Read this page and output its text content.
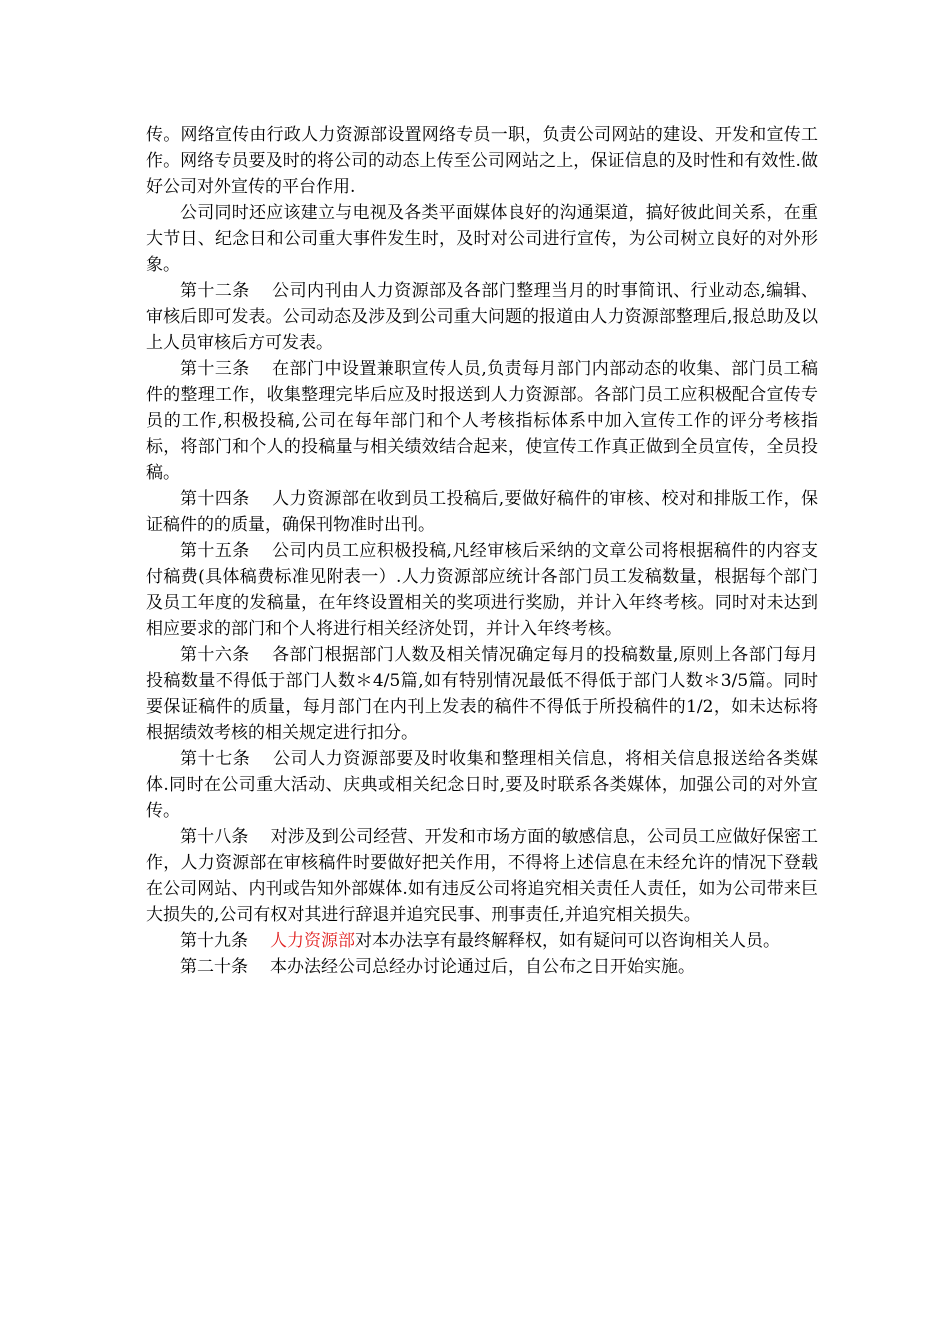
传。网络宣传由行政人力资源部设置网络专员一职，负责公司网站的建设、开发和宣传工作。网络专员要及时的将公司的动态上传至公司网站之上，保证信息的及时性和有效性.做好公司对外宣传的平台作用.

公司同时还应该建立与电视及各类平面媒体良好的沟通渠道，搞好彼此间关系，在重大节日、纪念日和公司重大事件发生时，及时对公司进行宣传，为公司树立良好的对外形象。

第十二条 公司内刊由人力资源部及各部门整理当月的时事简讯、行业动态,编辑、审核后即可发表。公司动态及涉及到公司重大问题的报道由人力资源部整理后,报总助及以上人员审核后方可发表。

第十三条 在部门中设置兼职宣传人员,负责每月部门内部动态的收集、部门员工稿件的整理工作，收集整理完毕后应及时报送到人力资源部。各部门员工应积极配合宣传专员的工作,积极投稿,公司在每年部门和个人考核指标体系中加入宣传工作的评分考核指标，将部门和个人的投稿量与相关绩效结合起来，使宣传工作真正做到全员宣传，全员投稿。

第十四条 人力资源部在收到员工投稿后,要做好稿件的审核、校对和排版工作，保证稿件的的质量，确保刊物准时出刊。

第十五条 公司内员工应积极投稿,凡经审核后采纳的文章公司将根据稿件的内容支付稿费(具体稿费标准见附表一）.人力资源部应统计各部门员工发稿数量，根据每个部门及员工年度的发稿量，在年终设置相关的奖项进行奖励，并计入年终考核。同时对未达到相应要求的部门和个人将进行相关经济处罚，并计入年终考核。

第十六条 各部门根据部门人数及相关情况确定每月的投稿数量,原则上各部门每月投稿数量不得低于部门人数＊4/5篇,如有特别情况最低不得低于部门人数＊3/5篇。同时要保证稿件的质量，每月部门在内刊上发表的稿件不得低于所投稿件的1/2，如未达标将根据绩效考核的相关规定进行扣分。

第十七条 公司人力资源部要及时收集和整理相关信息，将相关信息报送给各类媒体.同时在公司重大活动、庆典或相关纪念日时,要及时联系各类媒体，加强公司的对外宣传。

第十八条 对涉及到公司经营、开发和市场方面的敏感信息，公司员工应做好保密工作，人力资源部在审核稿件时要做好把关作用，不得将上述信息在未经允许的情况下登载在公司网站、内刊或告知外部媒体.如有违反公司将追究相关责任人责任，如为公司带来巨大损失的,公司有权对其进行辞退并追究民事、刑事责任,并追究相关损失。

第十九条 人力资源部对本办法享有最终解释权，如有疑问可以咨询相关人员。

第二十条 本办法经公司总经办讨论通过后，自公布之日开始实施。
